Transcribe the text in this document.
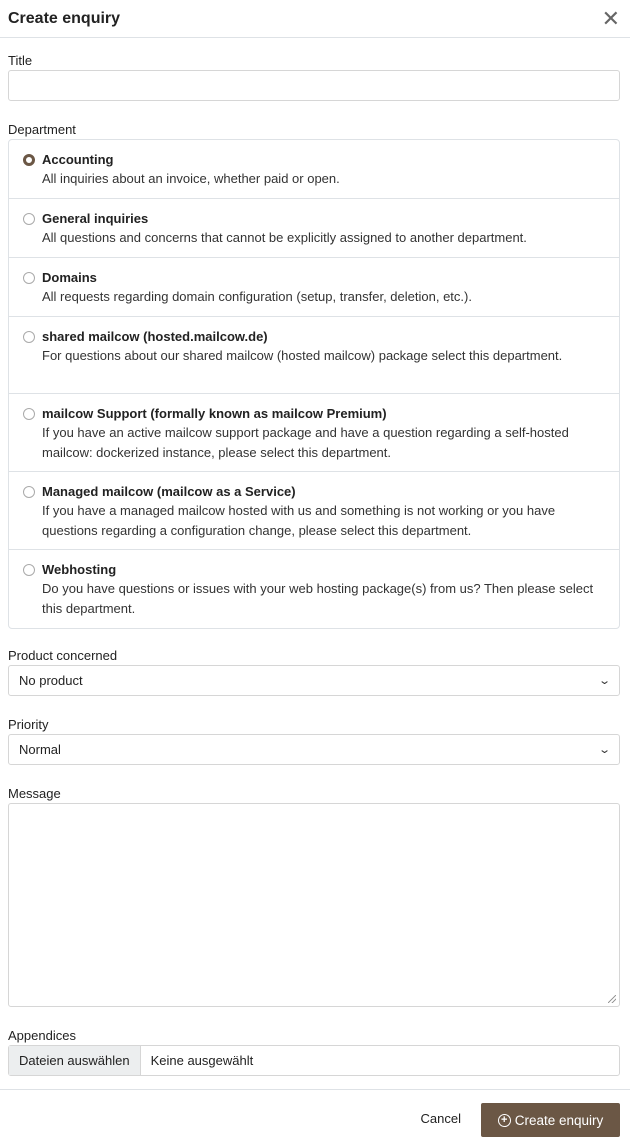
Create enquiry	✕
Title
Department
Accounting
All inquiries about an invoice, whether paid or open.
General inquiries
All questions and concerns that cannot be explicitly assigned to another department.
Domains
All requests regarding domain configuration (setup, transfer, deletion, etc.).
shared mailcow (hosted.mailcow.de)
For questions about our shared mailcow (hosted mailcow) package select this department.
mailcow Support (formally known as mailcow Premium)
If you have an active mailcow support package and have a question regarding a self-hosted mailcow: dockerized instance, please select this department.
Managed mailcow (mailcow as a Service)
If you have a managed mailcow hosted with us and something is not working or you have questions regarding a configuration change, please select this department.
Webhosting
Do you have questions or issues with your web hosting package(s) from us? Then please select this department.
Product concerned
No product	⌄
Priority
Normal	⌄
Message
Appendices
Dateien auswählen	Keine ausgewählt
Cancel	+ Create enquiry
